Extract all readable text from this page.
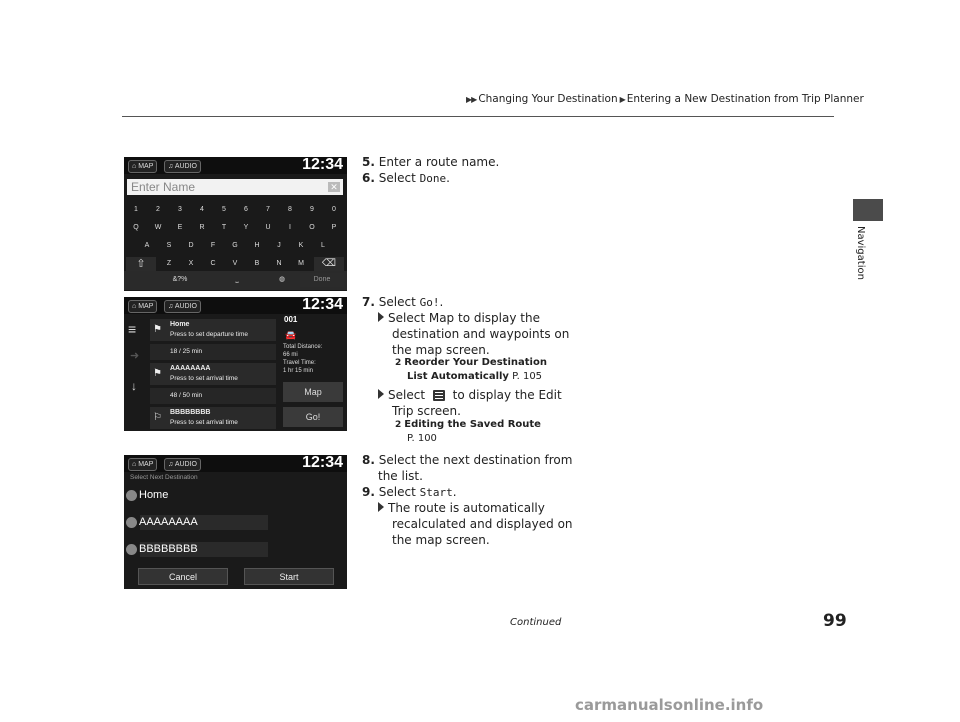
▶▶ Changing Your Destination ▶ Entering a New Destination from Trip Planner
Navigation
⌂ MAP	♫ AUDIO	12:34
Enter Name	✕
1	2	3	4	5	6	7	8	9	0
Q	W	E	R	T	Y	U	I	O	P
A	S	D	F	G	H	J	K	L
⇧	Z	X	C	V	B	N	M	⌫
&?%	⎵	◍	Done
⌂ MAP	♫ AUDIO	12:34
≡
➜
↓
⚑ Home
Press to set departure time
18 / 25 min
⚑ AAAAAAAA
Press to set arrival time
48 / 50 min
⚐ BBBBBBBB
Press to set arrival time
001
🚘
Total Distance:
66 mi
Travel Time:
1 hr 15 min
Map
Go!
⌂ MAP	♫ AUDIO	12:34
Select Next Destination
Home
AAAAAAAA
BBBBBBBB
Cancel	Start
5. Enter a route name.
6. Select Done.
7. Select Go!.
Select Map to display the
destination and waypoints on
the map screen.
2 Reorder Your Destination
List Automatically P. 105
Select  to display the Edit
Trip screen.
2 Editing the Saved Route
P. 100
8. Select the next destination from
the list.
9. Select Start.
The route is automatically
recalculated and displayed on
the map screen.
Continued	99
carmanualsonline.info
